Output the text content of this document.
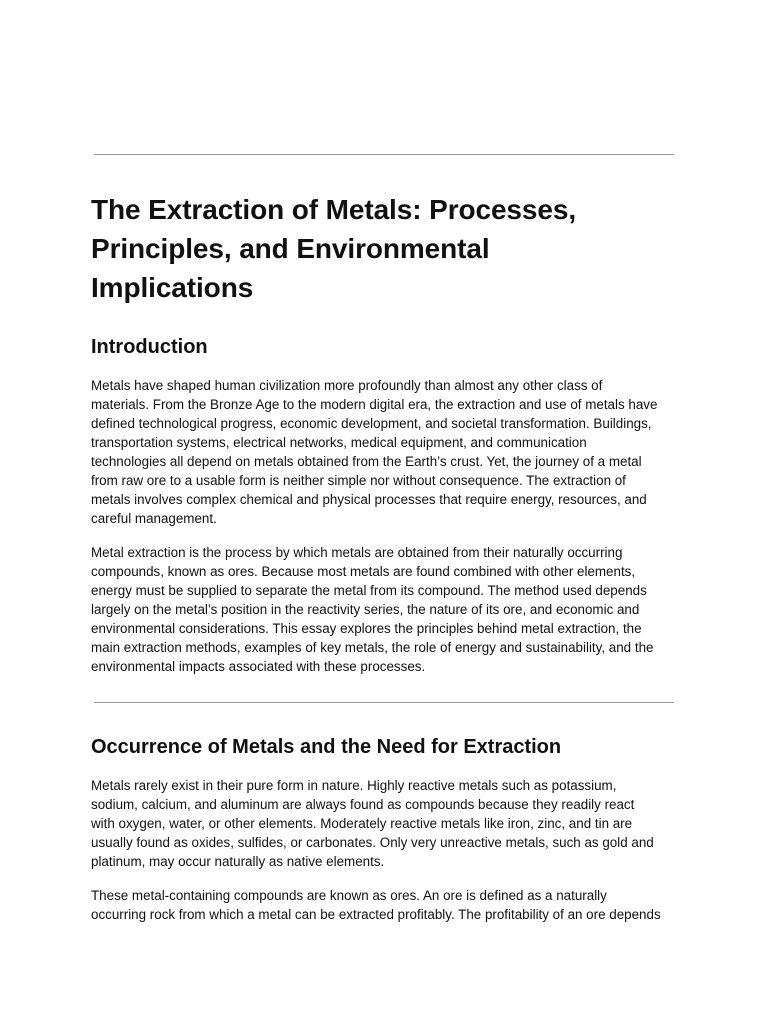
The Extraction of Metals: Processes,
Principles, and Environmental
Implications
Introduction

Metals have shaped human civilization more profoundly than almost any other class of
materials. From the Bronze Age to the modern digital era, the extraction and use of metals have
defined technological progress, economic development, and societal transformation. Buildings,
transportation systems, electrical networks, medical equipment, and communication
technologies all depend on metals obtained from the Earth’s crust. Yet, the journey of a metal
from raw ore to a usable form is neither simple nor without consequence. The extraction of
metals involves complex chemical and physical processes that require energy, resources, and
careful management.

Metal extraction is the process by which metals are obtained from their naturally occurring
compounds, known as ores. Because most metals are found combined with other elements,
energy must be supplied to separate the metal from its compound. The method used depends
largely on the metal’s position in the reactivity series, the nature of its ore, and economic and
environmental considerations. This essay explores the principles behind metal extraction, the
main extraction methods, examples of key metals, the role of energy and sustainability, and the
environmental impacts associated with these processes.

Occurrence of Metals and the Need for Extraction

Metals rarely exist in their pure form in nature. Highly reactive metals such as potassium,
sodium, calcium, and aluminum are always found as compounds because they readily react
with oxygen, water, or other elements. Moderately reactive metals like iron, zinc, and tin are
usually found as oxides, sulfides, or carbonates. Only very unreactive metals, such as gold and
platinum, may occur naturally as native elements.

These metal-containing compounds are known as ores. An ore is defined as a naturally
occurring rock from which a metal can be extracted profitably. The profitability of an ore depends
